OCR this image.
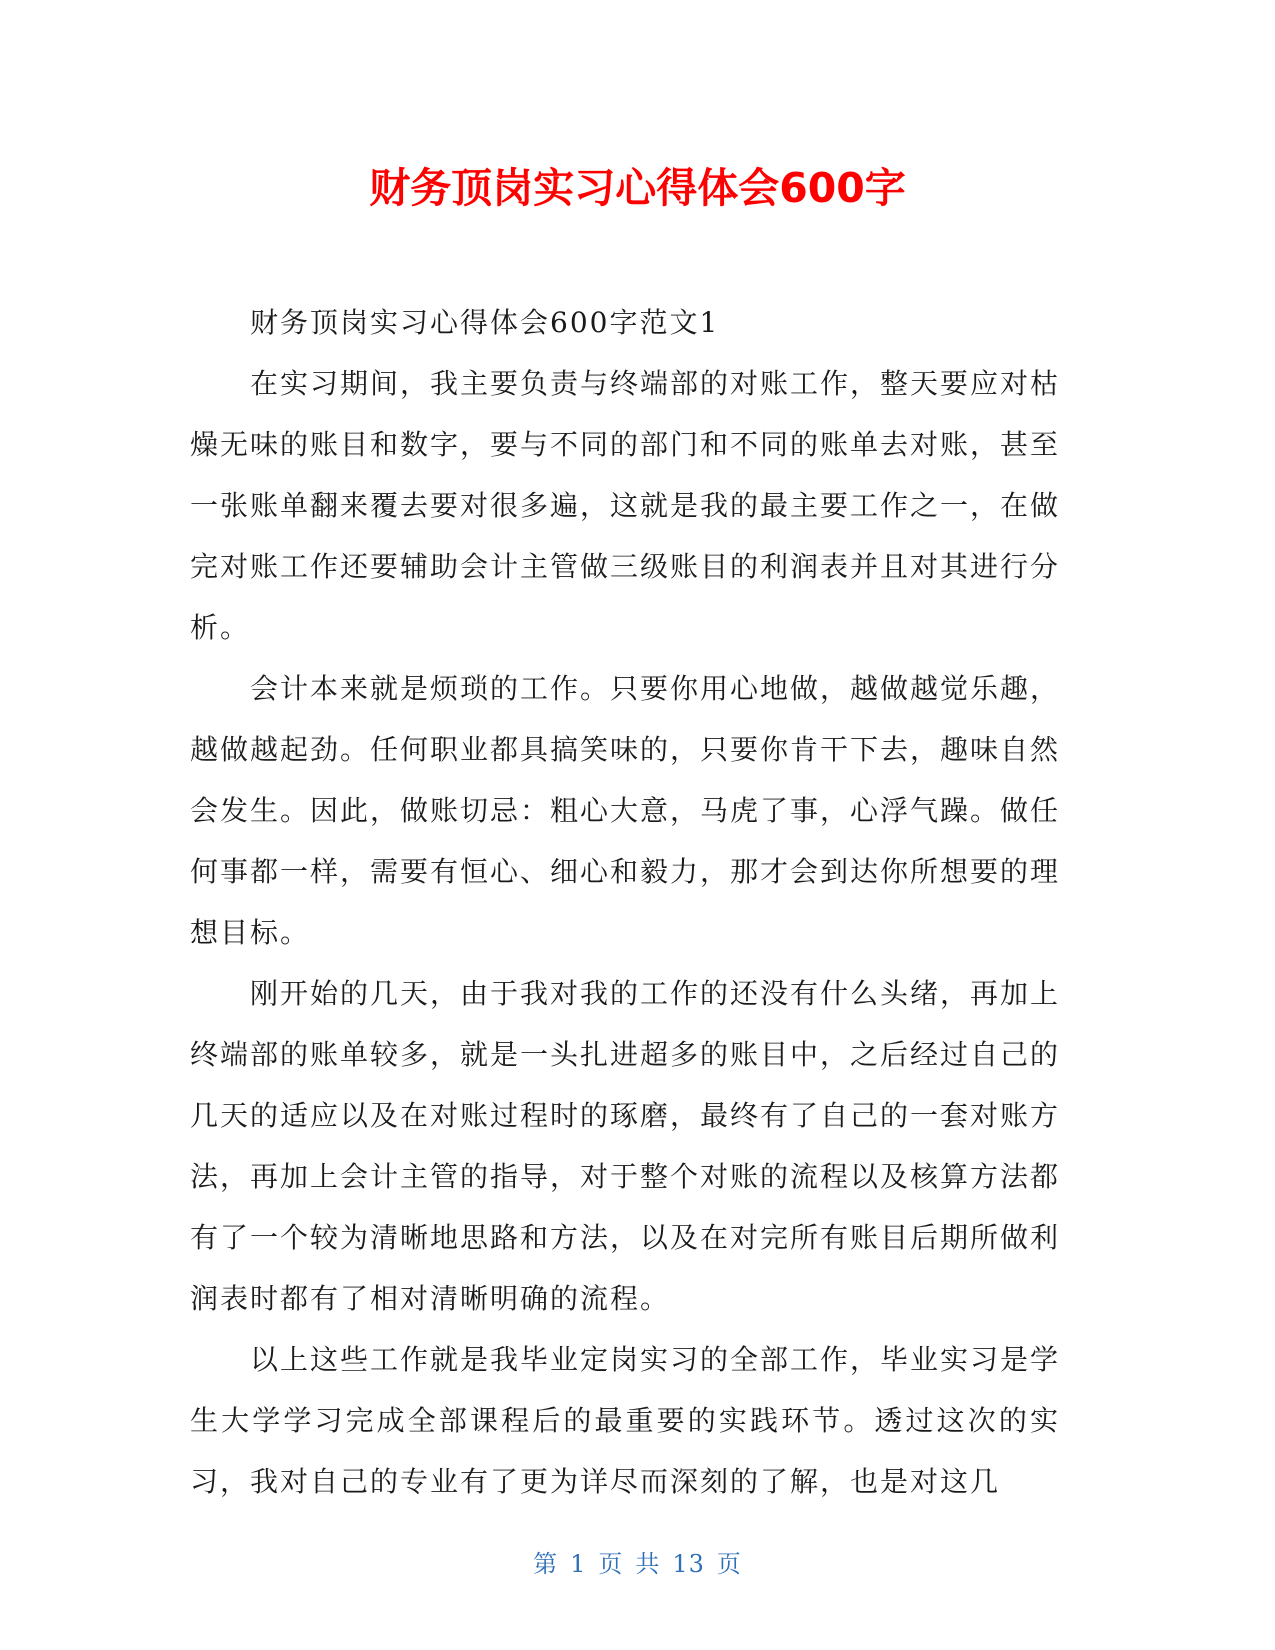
财务顶岗实习心得体会600字

财务顶岗实习心得体会600字范文1

在实习期间，我主要负责与终端部的对账工作，整天要应对枯燥无味的账目和数字，要与不同的部门和不同的账单去对账，甚至一张账单翻来覆去要对很多遍，这就是我的最主要工作之一，在做完对账工作还要辅助会计主管做三级账目的利润表并且对其进行分析。

会计本来就是烦琐的工作。只要你用心地做，越做越觉乐趣，越做越起劲。任何职业都具搞笑味的，只要你肯干下去，趣味自然会发生。因此，做账切忌：粗心大意，马虎了事，心浮气躁。做任何事都一样，需要有恒心、细心和毅力，那才会到达你所想要的理想目标。

刚开始的几天，由于我对我的工作的还没有什么头绪，再加上终端部的账单较多，就是一头扎进超多的账目中，之后经过自己的几天的适应以及在对账过程时的琢磨，最终有了自己的一套对账方法，再加上会计主管的指导，对于整个对账的流程以及核算方法都有了一个较为清晰地思路和方法，以及在对完所有账目后期所做利润表时都有了相对清晰明确的流程。

以上这些工作就是我毕业定岗实习的全部工作，毕业实习是学生大学学习完成全部课程后的最重要的实践环节。透过这次的实习，我对自己的专业有了更为详尽而深刻的了解，也是对这几

第 1 页 共 13 页
